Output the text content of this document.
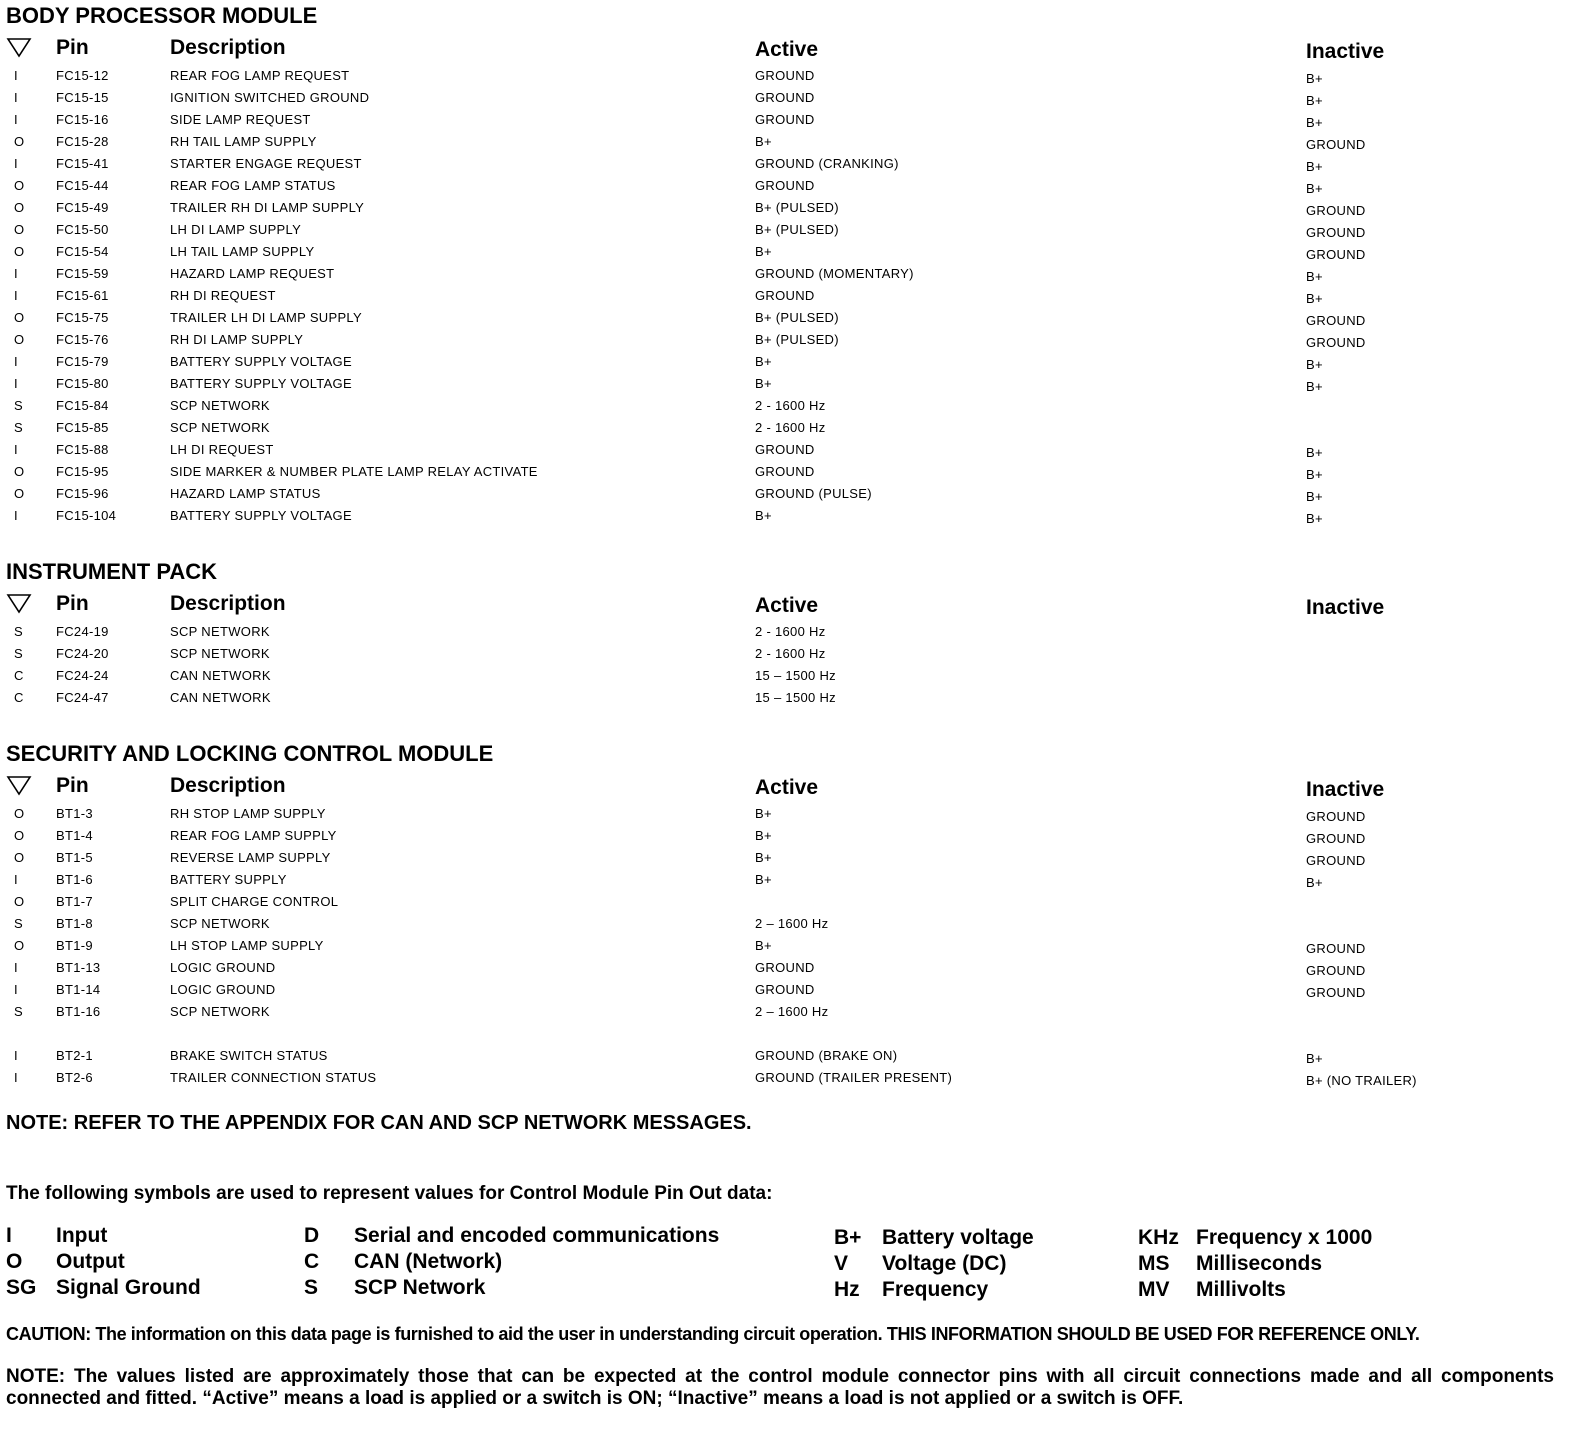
BODY PROCESSOR MODULE
Pin	Description	Active	Inactive
I	FC15-12	REAR FOG LAMP REQUEST	GROUND	B+
I	FC15-15	IGNITION SWITCHED GROUND	GROUND	B+
I	FC15-16	SIDE LAMP REQUEST	GROUND	B+
O FC15-28	RH TAIL LAMP SUPPLY	B+	GROUND
I	FC15-41	STARTER ENGAGE REQUEST	GROUND (CRANKING)	B+
O FC15-44	REAR FOG LAMP STATUS	GROUND	B+
O FC15-49	TRAILER RH DI LAMP SUPPLY	B+ (PULSED)	GROUND
O FC15-50	LH DI LAMP SUPPLY	B+ (PULSED)	GROUND
O FC15-54	LH TAIL LAMP SUPPLY	B+	GROUND
I	FC15-59	HAZARD LAMP REQUEST	GROUND (MOMENTARY)	B+
I	FC15-61	RH DI REQUEST	GROUND	B+
O FC15-75	TRAILER LH DI LAMP SUPPLY	B+ (PULSED)	GROUND
O FC15-76	RH DI LAMP SUPPLY	B+ (PULSED)	GROUND
I	FC15-79	BATTERY SUPPLY VOLTAGE	B+	B+
I	FC15-80	BATTERY SUPPLY VOLTAGE	B+	B+
S	FC15-84	SCP NETWORK	2 - 1600 Hz
S	FC15-85	SCP NETWORK	2 - 1600 Hz
I	FC15-88	LH DI REQUEST	GROUND	B+
O FC15-95	SIDE MARKER & NUMBER PLATE LAMP RELAY ACTIVATE	GROUND	B+
O FC15-96	HAZARD LAMP STATUS	GROUND (PULSE)	B+
I	FC15-104	BATTERY SUPPLY VOLTAGE	B+	B+
INSTRUMENT PACK
Pin	Description	Active	Inactive
S	FC24-19	SCP NETWORK	2 - 1600 Hz
S	FC24-20	SCP NETWORK	2 - 1600 Hz
C FC24-24	CAN NETWORK	15 – 1500 Hz
C FC24-47	CAN NETWORK	15 – 1500 Hz
SECURITY AND LOCKING CONTROL MODULE
Pin	Description	Active	Inactive
O BT1-3	RH STOP LAMP SUPPLY	B+	GROUND
O BT1-4	REAR FOG LAMP SUPPLY	B+	GROUND
O BT1-5	REVERSE LAMP SUPPLY	B+	GROUND
I	BT1-6	BATTERY SUPPLY	B+	B+
O BT1-7	SPLIT CHARGE CONTROL
S	BT1-8	SCP NETWORK	2 – 1600 Hz
O BT1-9	LH STOP LAMP SUPPLY	B+	GROUND
I	BT1-13	LOGIC GROUND	GROUND	GROUND
I	BT1-14	LOGIC GROUND	GROUND	GROUND
S	BT1-16	SCP NETWORK	2 – 1600 Hz
I	BT2-1	BRAKE SWITCH STATUS	GROUND (BRAKE ON)	B+
I	BT2-6	TRAILER CONNECTION STATUS	GROUND (TRAILER PRESENT)	B+ (NO TRAILER)
NOTE: REFER TO THE APPENDIX FOR CAN AND SCP NETWORK MESSAGES.
The following symbols are used to represent values for Control Module Pin Out data:
I Input
O Output
SG Signal Ground
D Serial and encoded communications
C CAN (Network)
S SCP Network
B+ Battery voltage
V Voltage (DC)
Hz Frequency
KHz Frequency x 1000
MS Milliseconds
MV Millivolts
CAUTION: The information on this data page is furnished to aid the user in understanding circuit operation. THIS INFORMATION SHOULD BE USED FOR REFERENCE ONLY.
NOTE: The values listed are approximately those that can be expected at the control module connector pins with all circuit connections made and all components connected and fitted. “Active” means a load is applied or a switch is ON; “Inactive” means a load is not applied or a switch is OFF.
